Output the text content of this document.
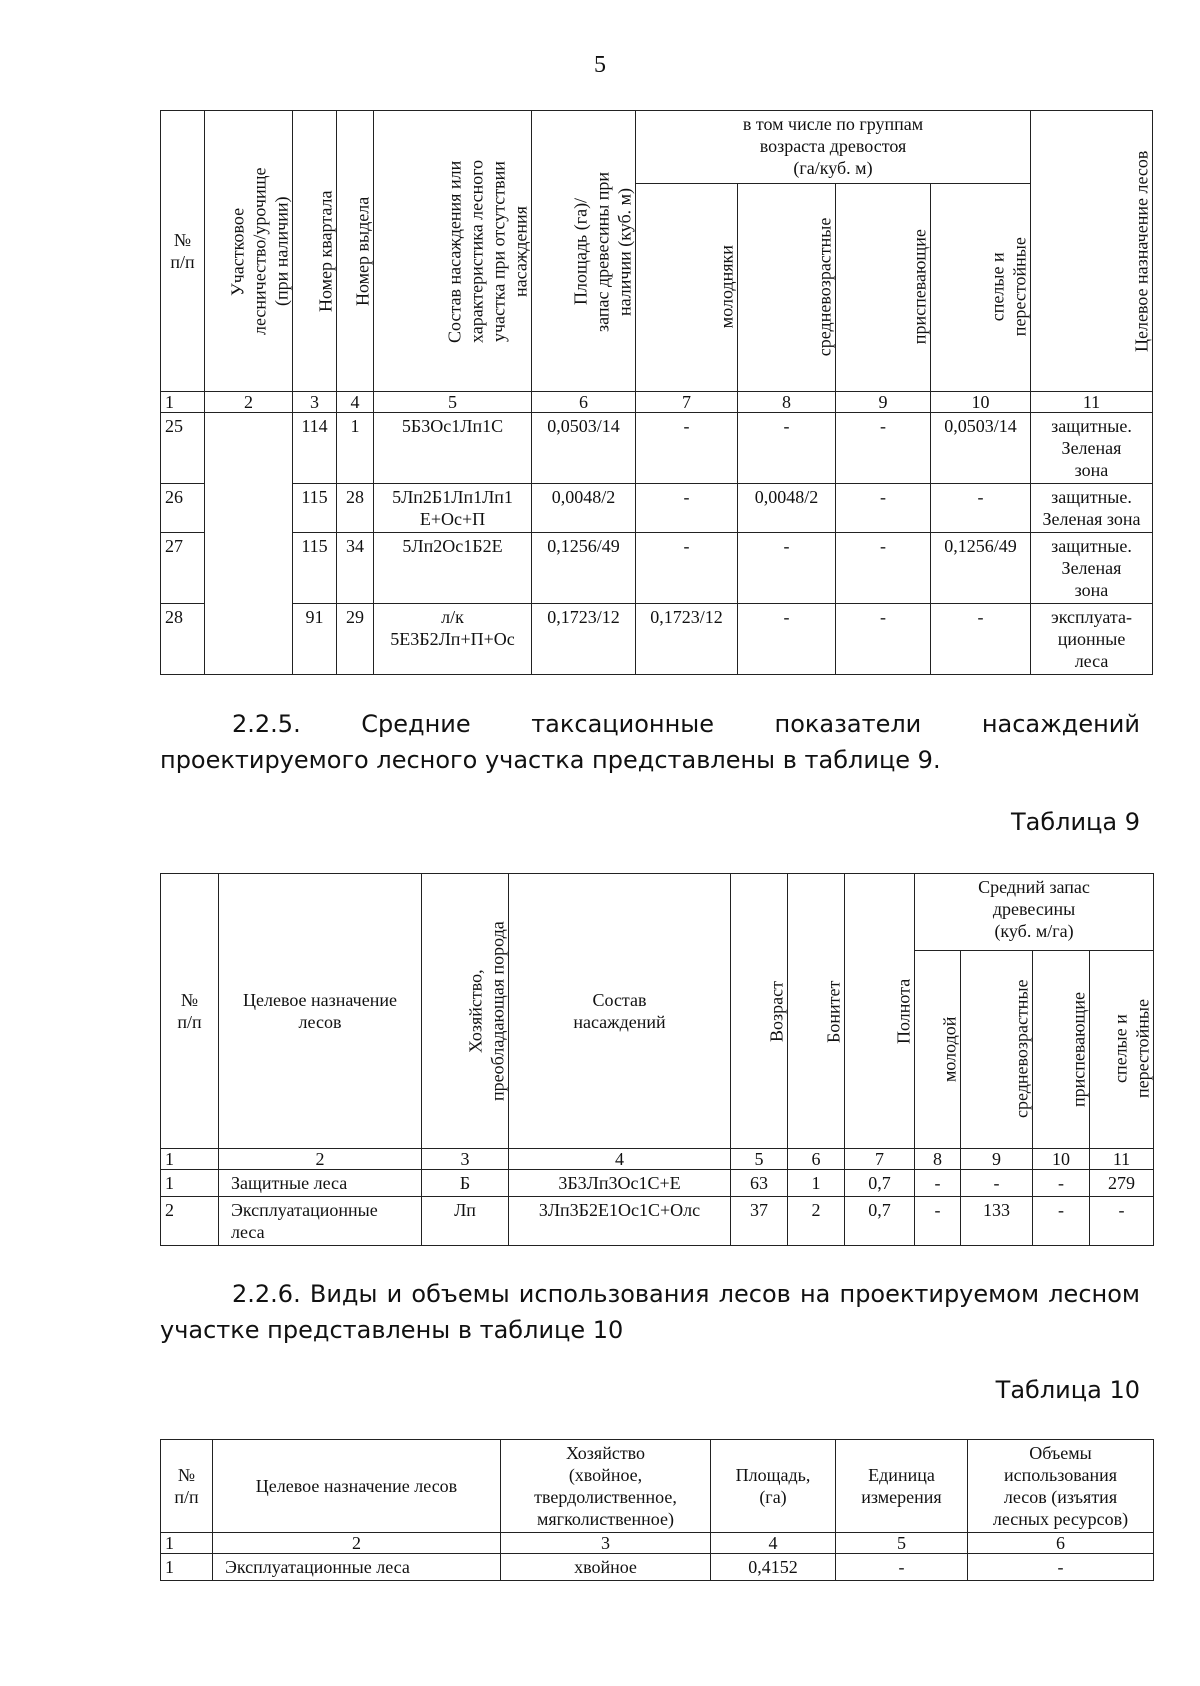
5
№
п/п	Участковое
лесничество/урочище
(при наличии)	Номер квартала	Номер выдела	Состав насаждения или
характеристика лесного
участка при отсутствии
насаждения	Площадь (га)/
запас древесины при
наличии (куб. м)	в том числе по группам
возраста древостоя
(га/куб. м)				Целевое назначение лесов
						молодняки	средневозрастные	приспевающие	спелые и
перестойные	
1	2	3	4	5	6	7	8	9	10	11
25		114	1	5Б3Ос1Лп1С	0,0503/14	-	-	-	0,0503/14	защитные.
Зеленая
зона
26		115	28	5Лп2Б1Лп1Лп1
Е+Ос+П	0,0048/2	-	0,0048/2	-	-	защитные.
Зеленая зона
27		115	34	5Лп2Ос1Б2Е	0,1256/49	-	-	-	0,1256/49	защитные.
Зеленая
зона
28		91	29	л/к
5Е3Б2Лп+П+Ос	0,1723/12	0,1723/12	-	-	-	эксплуата-
ционные
леса
2.2.5. Средние таксационные показатели насаждений проектируемого лесного участка представлены в таблице 9.
Таблица 9
№
п/п	Целевое назначение
лесов	Хозяйство,
преобладающая порода	Состав
насаждений	Возраст	Бонитет	Полнота	Средний запас
древесины
(куб. м/га)			
							молодой	средневозрастные	приспевающие	спелые и
перестойные
1	2	3	4	5	6	7	8	9	10	11
1	Защитные леса	Б	3Б3Лп3Ос1С+Е	63	1	0,7	-	-	-	279
2	Эксплуатационные
леса	Лп	3Лп3Б2Е1Ос1С+Олс	37	2	0,7	-	133	-	-
2.2.6. Виды и объемы использования лесов на проектируемом лесном участке представлены в таблице 10
Таблица 10
№
п/п	Целевое назначение лесов	Хозяйство
(хвойное,
твердолиственное,
мягколиственное)	Площадь,
(га)	Единица
измерения	Объемы
использования
лесов (изъятия
лесных ресурсов)
1	2	3	4	5	6
1	Эксплуатационные леса	хвойное	0,4152	-	-
